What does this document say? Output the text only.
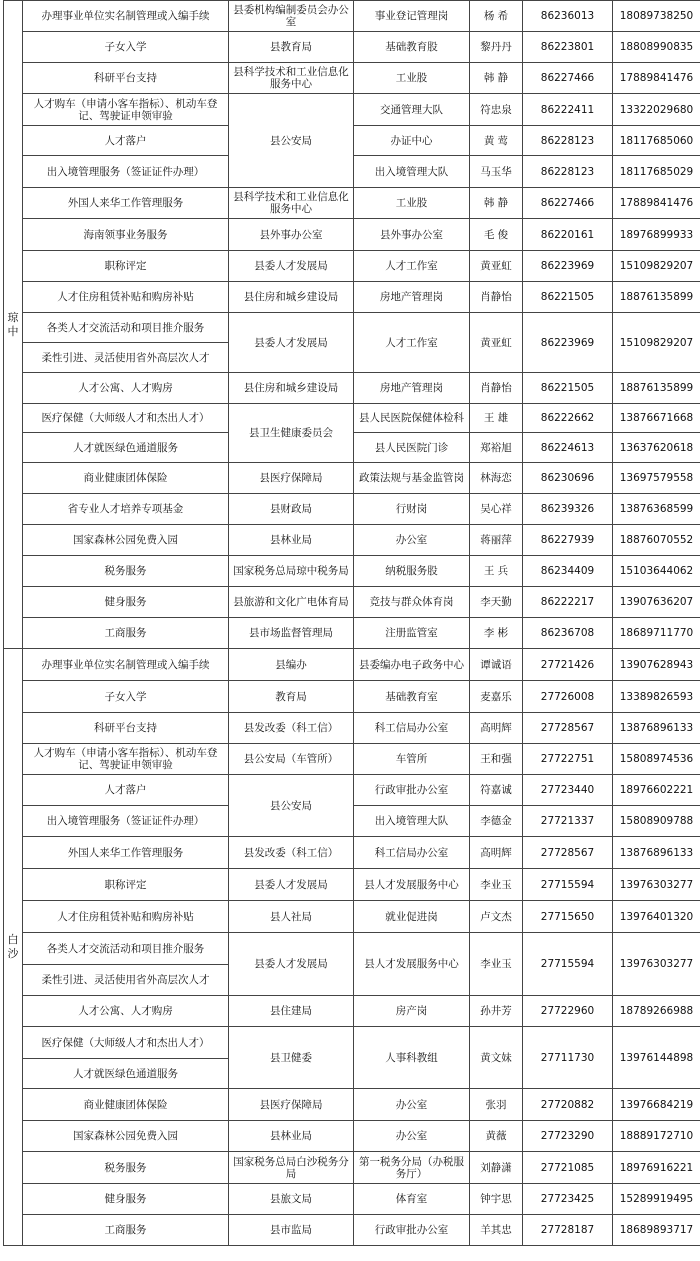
琼中	办理事业单位实名制管理或入编手续	县委机构编制委员会办公室	事业登记管理岗	杨 希	86236013	18089738250
	子女入学	县教育局	基础教育股	黎丹丹	86223801	18808990835
	科研平台支持	县科学技术和工业信息化服务中心	工业股	韩 静	86227466	17889841476
	人才购车（申请小客车指标）、机动车登记、驾驶证申领审验	县公安局	交通管理大队	符忠泉	86222411	13322029680
	人才落户		办证中心	黄 莺	86228123	18117685060
	出入境管理服务（签证证件办理）		出入境管理大队	马玉华	86228123	18117685029
	外国人来华工作管理服务	县科学技术和工业信息化服务中心	工业股	韩 静	86227466	17889841476
	海南领事业务服务	县外事办公室	县外事办公室	毛 俊	86220161	18976899933
	职称评定	县委人才发展局	人才工作室	黄亚虹	86223969	15109829207
	人才住房租赁补贴和购房补贴	县住房和城乡建设局	房地产管理岗	肖静怡	86221505	18876135899
	各类人才交流活动和项目推介服务	县委人才发展局	人才工作室	黄亚虹	86223969	15109829207
	柔性引进、灵活使用省外高层次人才					
	人才公寓、人才购房	县住房和城乡建设局	房地产管理岗	肖静怡	86221505	18876135899
	医疗保健（大师级人才和杰出人才）	县卫生健康委员会	县人民医院保健体检科	王 雄	86222662	13876671668
	人才就医绿色通道服务		县人民医院门诊	郑裕旭	86224613	13637620618
	商业健康团体保险	县医疗保障局	政策法规与基金监管岗	林海恋	86230696	13697579558
	省专业人才培养专项基金	县财政局	行财岗	吴心祥	86239326	13876368599
	国家森林公园免费入园	县林业局	办公室	蒋丽萍	86227939	18876070552
	税务服务	国家税务总局琼中税务局	纳税服务股	王 兵	86234409	15103644062
	健身服务	县旅游和文化广电体育局	竞技与群众体育岗	李天勤	86222217	13907636207
	工商服务	县市场监督管理局	注册监管室	李 彬	86236708	18689711770
白沙	办理事业单位实名制管理或入编手续	县编办	县委编办电子政务中心	谭诚语	27721426	13907628943
	子女入学	教育局	基础教育室	麦嘉乐	27726008	13389826593
	科研平台支持	县发改委（科工信）	科工信局办公室	高明辉	27728567	13876896133
	人才购车（申请小客车指标）、机动车登记、驾驶证申领审验	县公安局（车管所）	车管所	王和强	27722751	15808974536
	人才落户	县公安局	行政审批办公室	符嘉诚	27723440	18976602221
	出入境管理服务（签证证件办理）		出入境管理大队	李德金	27721337	15808909788
	外国人来华工作管理服务	县发改委（科工信）	科工信局办公室	高明辉	27728567	13876896133
	职称评定	县委人才发展局	县人才发展服务中心	李业玉	27715594	13976303277
	人才住房租赁补贴和购房补贴	县人社局	就业促进岗	卢文杰	27715650	13976401320
	各类人才交流活动和项目推介服务	县委人才发展局	县人才发展服务中心	李业玉	27715594	13976303277
	柔性引进、灵活使用省外高层次人才					
	人才公寓、人才购房	县住建局	房产岗	孙井芳	27722960	18789266988
	医疗保健（大师级人才和杰出人才）	县卫健委	人事科教组	黄文妹	27711730	13976144898
	人才就医绿色通道服务					
	商业健康团体保险	县医疗保障局	办公室	张羽	27720882	13976684219
	国家森林公园免费入园	县林业局	办公室	黄薇	27723290	18889172710
	税务服务	国家税务总局白沙税务分局	第一税务分局（办税服务厅）	刘静潇	27721085	18976916221
	健身服务	县旅文局	体育室	钟宇思	27723425	15289919495
	工商服务	县市监局	行政审批办公室	羊其忠	27728187	18689893717
